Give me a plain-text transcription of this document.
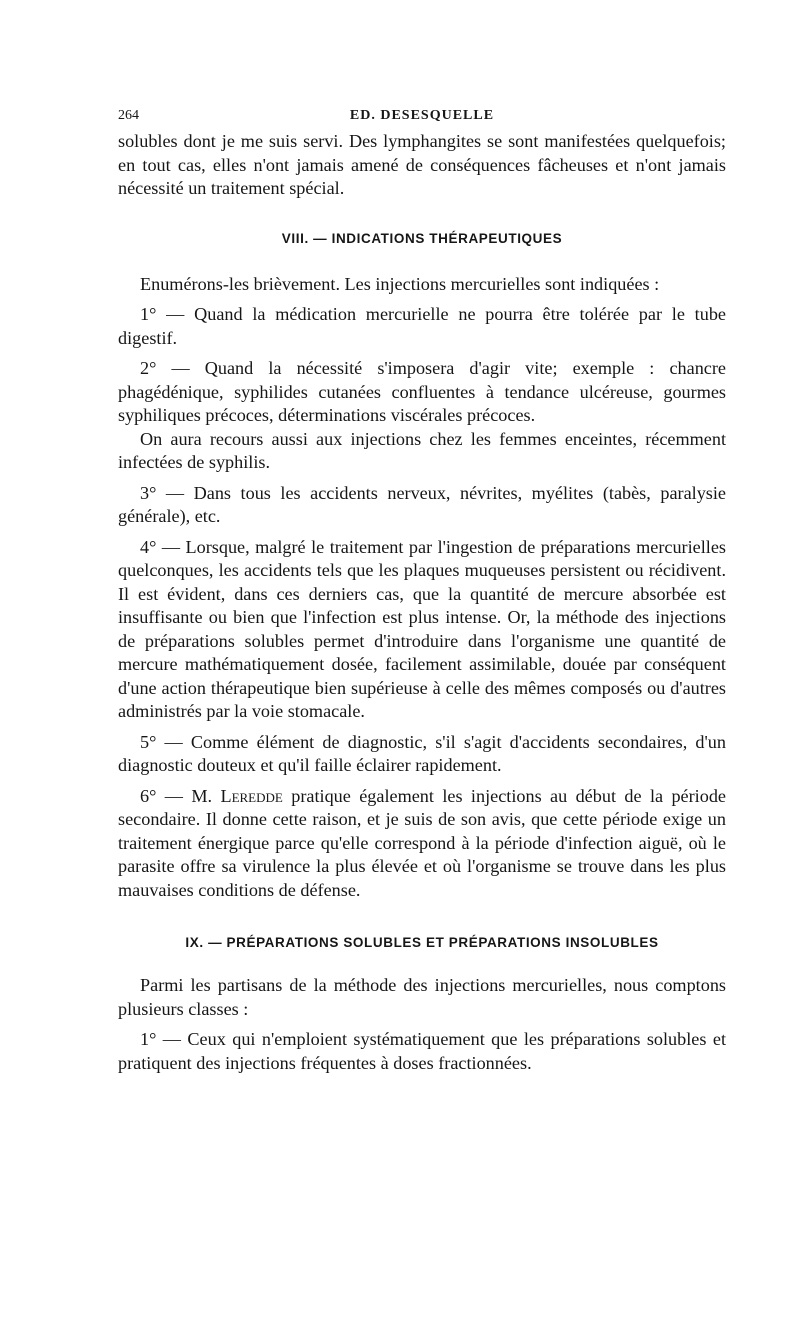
264	ED. DESESQUELLE

solubles dont je me suis servi. Des lymphangites se sont manifestées quelquefois; en tout cas, elles n'ont jamais amené de conséquences fâcheuses et n'ont jamais nécessité un traitement spécial.

VIII. — INDICATIONS THÉRAPEUTIQUES

Enumérons-les brièvement. Les injections mercurielles sont indiquées :

1° — Quand la médication mercurielle ne pourra être tolérée par le tube digestif.

2° — Quand la nécessité s'imposera d'agir vite; exemple : chancre phagédénique, syphilides cutanées confluentes à tendance ulcéreuse, gourmes syphiliques précoces, déterminations viscérales précoces.

On aura recours aussi aux injections chez les femmes enceintes, récemment infectées de syphilis.

3° — Dans tous les accidents nerveux, névrites, myélites (tabès, paralysie générale), etc.

4° — Lorsque, malgré le traitement par l'ingestion de préparations mercurielles quelconques, les accidents tels que les plaques muqueuses persistent ou récidivent. Il est évident, dans ces derniers cas, que la quantité de mercure absorbée est insuffisante ou bien que l'infection est plus intense. Or, la méthode des injections de préparations solubles permet d'introduire dans l'organisme une quantité de mercure mathématiquement dosée, facilement assimilable, douée par conséquent d'une action thérapeutique bien supérieuse à celle des mêmes composés ou d'autres administrés par la voie stomacale.

5° — Comme élément de diagnostic, s'il s'agit d'accidents secondaires, d'un diagnostic douteux et qu'il faille éclairer rapidement.

6° — M. Leredde pratique également les injections au début de la période secondaire. Il donne cette raison, et je suis de son avis, que cette période exige un traitement énergique parce qu'elle correspond à la période d'infection aiguë, où le parasite offre sa virulence la plus élevée et où l'organisme se trouve dans les plus mauvaises conditions de défense.

IX. — PRÉPARATIONS SOLUBLES ET PRÉPARATIONS INSOLUBLES

Parmi les partisans de la méthode des injections mercurielles, nous comptons plusieurs classes :

1° — Ceux qui n'emploient systématiquement que les préparations solubles et pratiquent des injections fréquentes à doses fractionnées.
